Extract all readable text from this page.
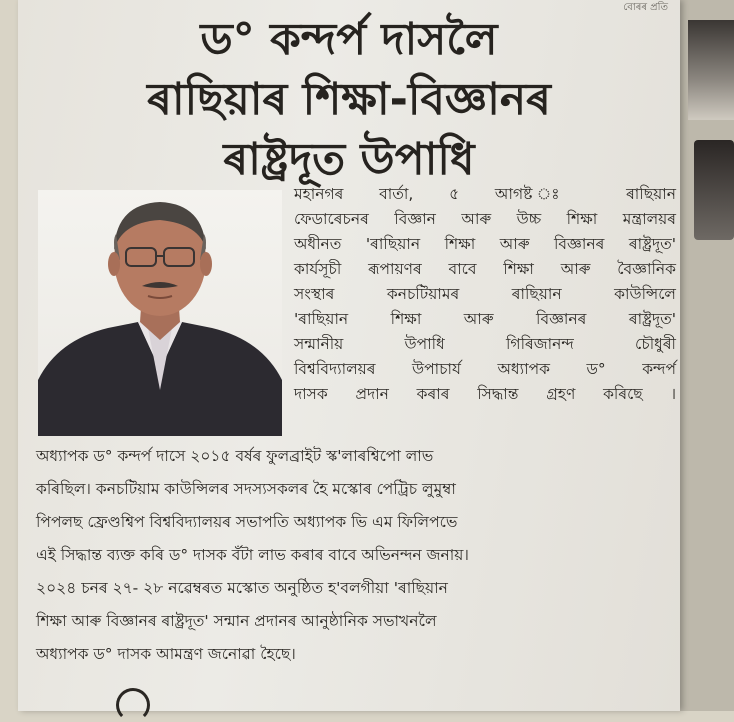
বোৰৰ প্ৰতি
ড° কন্দৰ্প দাসলৈ
ৰাছিয়াৰ শিক্ষা-বিজ্ঞানৰ
ৰাষ্ট্ৰদূত উপাধি

মহানগৰ বাৰ্তা, ৫ আগষ্ট ঃ ৰাছিয়ান

ফেডাৰেচনৰ বিজ্ঞান আৰু উচ্চ শিক্ষা মন্ত্ৰালয়ৰ

অধীনত 'ৰাছিয়ান শিক্ষা আৰু বিজ্ঞানৰ ৰাষ্ট্ৰদূত'

কাৰ্যসূচী ৰূপায়ণৰ বাবে শিক্ষা আৰু বৈজ্ঞানিক

সংস্থাৰ কনচটিয়ামৰ ৰাছিয়ান কাউন্সিলে

'ৰাছিয়ান শিক্ষা আৰু বিজ্ঞানৰ ৰাষ্ট্ৰদূত'

সন্মানীয় উপাধি গিৰিজানন্দ চৌধুৰী

বিশ্ববিদ্যালয়ৰ উপাচাৰ্য অধ্যাপক ড° কন্দৰ্প

দাসক প্ৰদান কৰাৰ সিদ্ধান্ত গ্ৰহণ কৰিছে ।

অধ্যাপক ড° কন্দৰ্প দাসে ২০১৫ বৰ্ষৰ ফুলব্ৰাইট স্ক'লাৰশ্বিপো লাভ

কৰিছিল। কনচটিয়াম কাউন্সিলৰ সদস্যসকলৰ হৈ মস্কোৰ পেট্ৰিচ লুমুম্বা

পিপলছ ফ্ৰেণ্ডশ্বিপ বিশ্ববিদ্যালয়ৰ সভাপতি অধ্যাপক ভি এম ফিলিপভে

এই সিদ্ধান্ত ব্যক্ত কৰি ড° দাসক বঁটা লাভ কৰাৰ বাবে অভিনন্দন জনায়।

২০২৪ চনৰ ২৭- ২৮ নৱেম্বৰত মস্কোত অনুষ্ঠিত হ'বলগীয়া 'ৰাছিয়ান

শিক্ষা আৰু বিজ্ঞানৰ ৰাষ্ট্ৰদূত' সন্মান প্ৰদানৰ আনুষ্ঠানিক সভাখনলৈ

অধ্যাপক ড° দাসক আমন্ত্ৰণ জনোৱা হৈছে।
